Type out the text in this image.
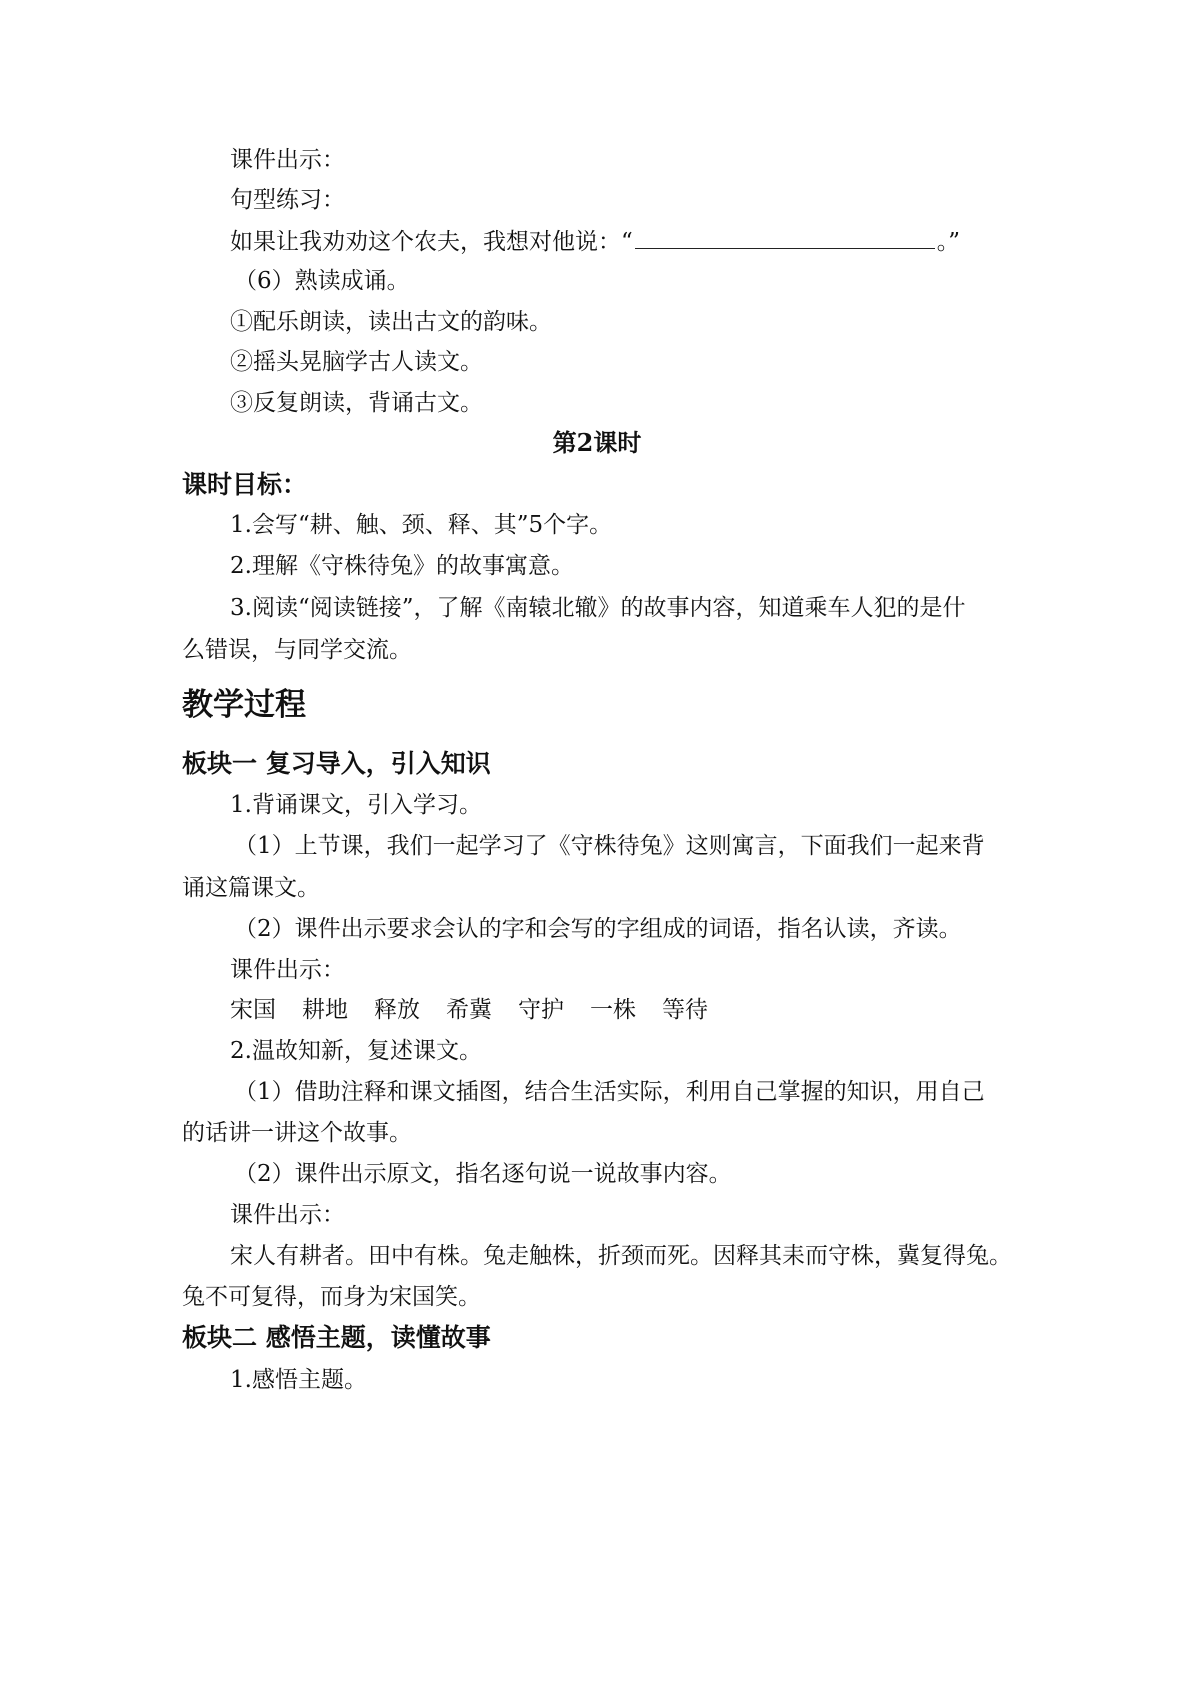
课件出示：

句型练习：

如果让我劝劝这个农夫，我想对他说：“	。”

（6）熟读成诵。

①配乐朗读，读出古文的韵味。

②摇头晃脑学古人读文。

③反复朗读，背诵古文。

第2课时

课时目标：

1.会写“耕、触、颈、释、其”5个字。

2.理解《守株待兔》的故事寓意。

3.阅读“阅读链接”，了解《南辕北辙》的故事内容，知道乘车人犯的是什

么错误，与同学交流。

教学过程

板块一 复习导入，引入知识

1.背诵课文，引入学习。

（1）上节课，我们一起学习了《守株待兔》这则寓言，下面我们一起来背

诵这篇课文。

（2）课件出示要求会认的字和会写的字组成的词语，指名认读，齐读。

课件出示：

宋国 耕地 释放 希冀 守护 一株 等待

2.温故知新，复述课文。

（1）借助注释和课文插图，结合生活实际，利用自己掌握的知识，用自己

的话讲一讲这个故事。

（2）课件出示原文，指名逐句说一说故事内容。

课件出示：

宋人有耕者。田中有株。兔走触株，折颈而死。因释其耒而守株，冀复得兔。

兔不可复得，而身为宋国笑。

板块二 感悟主题，读懂故事

1.感悟主题。
